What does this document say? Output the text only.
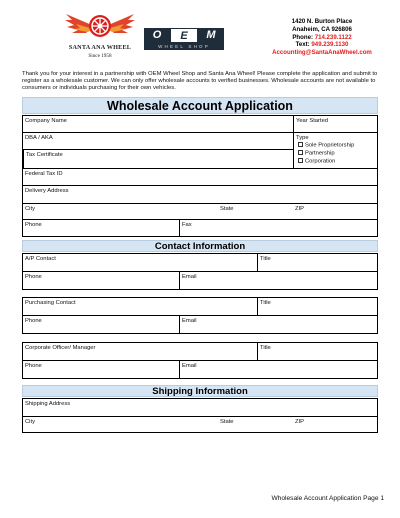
SANTA ANA WHEEL
Since 1958
O	E	M
WHEEL SHOP
1420 N. Burton Place
Anaheim, CA 926806
Phone: 714.239.1122
Text: 949.239.1130
Accounting@SantaAnaWheel.com
Thank you for your interest in a partnership with OEM Wheel Shop and Santa Ana Wheel! Please complete the application and submit to register as a wholesale customer. We can only offer wholesale accounts to verified businesses. Wholesale accounts are not available to consumers or individuals purchasing for their own vehicles.
Wholesale Account Application
Company Name	Year Started
DBA / AKA
Tax Certificate
Type
Sole Proprietorship
Partnership
Corporation
Federal Tax ID
Delivery Address
City	State	ZIP
Phone	Fax
Contact Information
A/P Contact	Title
Phone	Email
Purchasing Contact	Title
Phone	Email
Corporate Officer/ Manager	Title
Phone	Email
Shipping Information
Shipping Address
City	State	ZIP
Wholesale Account Application Page 1
